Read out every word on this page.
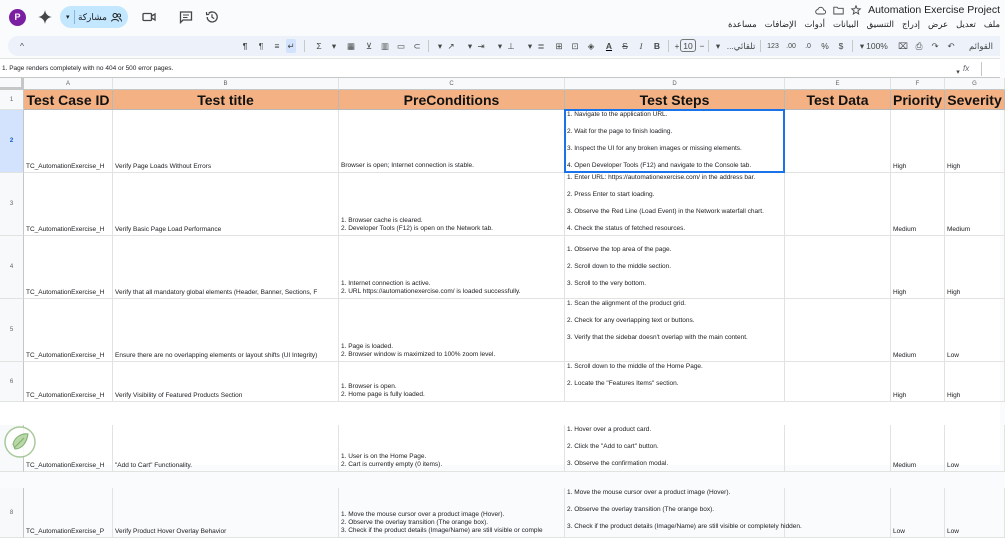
P	▾ مشاركة
Automation Exercise Project
ملف
تعديل
عرض
إدراج
التنسيق
البيانات
أدوات
الإضافات
مساعدة
^	¶	¶	≡ ↵	Σ ▾ ▦ ⊻ ▥ ▭ ⊂ ▾ ↗ ▾ ⇥ ▾ ⊥ ▾ ≣ ⊞ ⊡ ◈ A S	I	B + 10 − ▾ تلقائي...	123	.00	.0	%	$	▾ 100% ⌧ ⎙ ↷ ↶	القوائم
1. Page renders completely with no 404 or 500 error pages.	fx
▾
A	B	C	D	E	F	G
1
2
3
4
5
6
8
Test Case ID	Test title	PreConditions	Test Steps	Test Data	Priority Severity
TC_AutomationExercise_H Verify Page Loads Without Errors	Browser is open; Internet connection is stable.
1. Navigate to the application URL.
2. Wait for the page to finish loading.
3. Inspect the UI for any broken images or missing elements.
4. Open Developer Tools (F12) and navigate to the Console tab.	High	High
TC_AutomationExercise_H Verify Basic Page Load Performance
1. Browser cache is cleared.
2. Developer Tools (F12) is open on the Network tab.
1. Enter URL: https://automationexercise.com/ in the address bar.
2. Press Enter to start loading.
3. Observe the Red Line (Load Event) in the Network waterfall chart.
4. Check the status of fetched resources.	Medium	Medium
TC_AutomationExercise_H Verify that all mandatory global elements (Header, Banner, Sections, F
1. Internet connection is active.
2. URL https://automationexercise.com/ is loaded successfully.
1. Observe the top area of the page.
2. Scroll down to the middle section.
3. Scroll to the very bottom.
High	High
TC_AutomationExercise_H Ensure there are no overlapping elements or layout shifts (UI Integrity)
1. Page is loaded.
2. Browser window is maximized to 100% zoom level.
1. Scan the alignment of the product grid.
2. Check for any overlapping text or buttons.
3. Verify that the sidebar doesn't overlap with the main content.
Medium	Low
TC_AutomationExercise_H Verify Visibility of Featured Products Section
1. Browser is open.
2. Home page is fully loaded.
1. Scroll down to the middle of the Home Page.
2. Locate the "Features Items" section.
High	High
TC_AutomationExercise_H "Add to Cart" Functionality.
1. User is on the Home Page.
2. Cart is currently empty (0 items).
1. Hover over a product card.
2. Click the "Add to cart" button.
3. Observe the confirmation modal.	Medium	Low
TC_AutomationExercise_P Verify Product Hover Overlay Behavior
1. Move the mouse cursor over a product image (Hover).
2. Observe the overlay transition (The orange box).
3. Check if the product details (Image/Name) are still visible or comple
1. Move the mouse cursor over a product image (Hover).
2. Observe the overlay transition (The orange box).
3. Check if the product details (Image/Name) are still visible or completely hidden.
Low	Low
